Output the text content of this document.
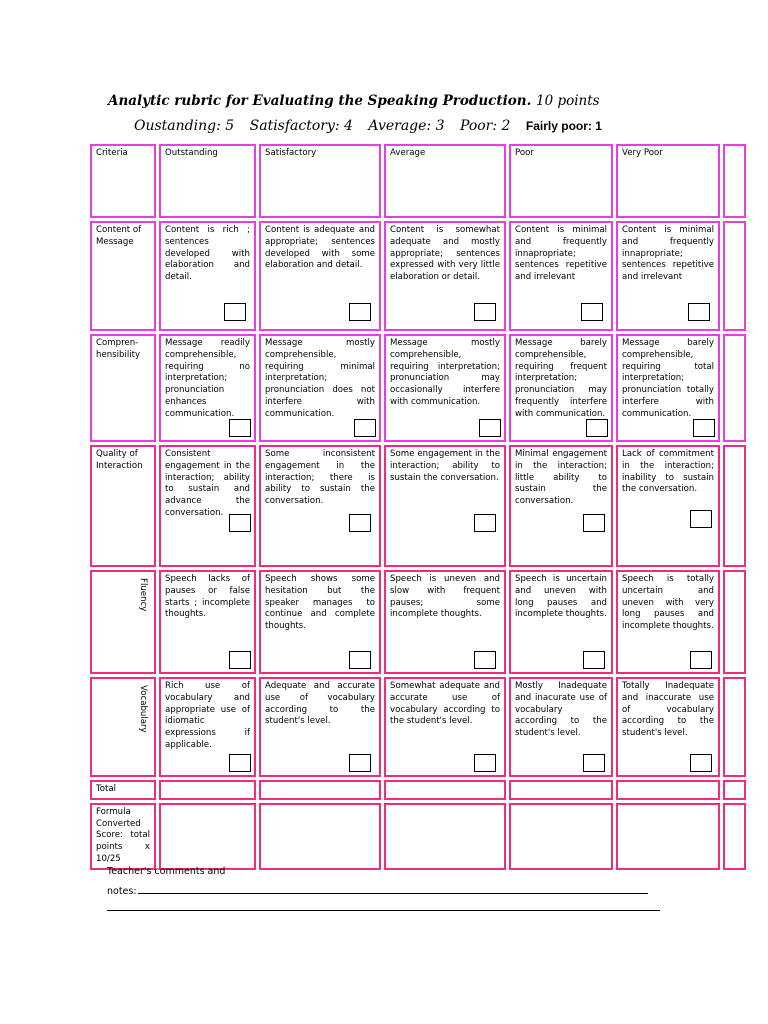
Analytic rubric for Evaluating the Speaking Production. 10 points
Oustanding: 5 Satisfactory: 4 Average: 3 Poor: 2 Fairly poor: 1
Criteria	Outstanding	Satisfactory	Average	Poor	Very Poor	
Content of Message	Content is rich ; sentences developed with elaboration and detail.	Content is adequate and appropriate; sentences developed with some elaboration and detail.	Content is somewhat adequate and mostly appropriate; sentences expressed with very little elaboration or detail.	Content is minimal and frequently innapropriate; sentences repetitive and irrelevant	Content is minimal and frequently innapropriate; sentences repetitive and irrelevant

Compren-hensibility	Message readily comprehensible, requiring no interpretation; pronunciation enhances communication.	Message mostly comprehensible, requiring minimal interpretation; pronunciation does not interfere with communication.	Message mostly comprehensible, requiring interpretation; pronunciation may occasionally interfere with communication.	Message barely comprehensible, requiring frequent interpretation; pronunciation may frequently interfere with communication.	Message barely comprehensible, requiring total interpretation; pronunciation totally interfere with communication.

Quality of Interaction	Consistent engagement in the interaction; ability to sustain and advance the conversation.	Some inconsistent engagement in the interaction; there is ability to sustain the conversation.	Some engagement in the interaction; ability to sustain the conversation.	Minimal engagement in the interaction; little ability to sustain the conversation.	Lack of commitment in the interaction; inability to sustain the conversation.

Fluency	Speech lacks of pauses or false starts ; incomplete thoughts.	Speech shows some hesitation but the speaker manages to continue and complete thoughts.	Speech is uneven and slow with frequent pauses; some incomplete thoughts.	Speech is uncertain and uneven with long pauses and incomplete thoughts.	Speech is totally uncertain and uneven with very long pauses and incomplete thoughts.

Vocabulary	Rich use of vocabulary and appropriate use of idiomatic expressions if applicable.	Adequate and accurate use of vocabulary according to the student's level.	Somewhat adequate and accurate use of vocabulary according to the student's level.	Mostly Inadequate and inacurate use of vocabulary according to the student's level.	Totally Inadequate and inaccurate use of vocabulary according to the student's level.

Total						
Formula Converted Score: total points x 10/25						
Teacher's comments and
notes:
